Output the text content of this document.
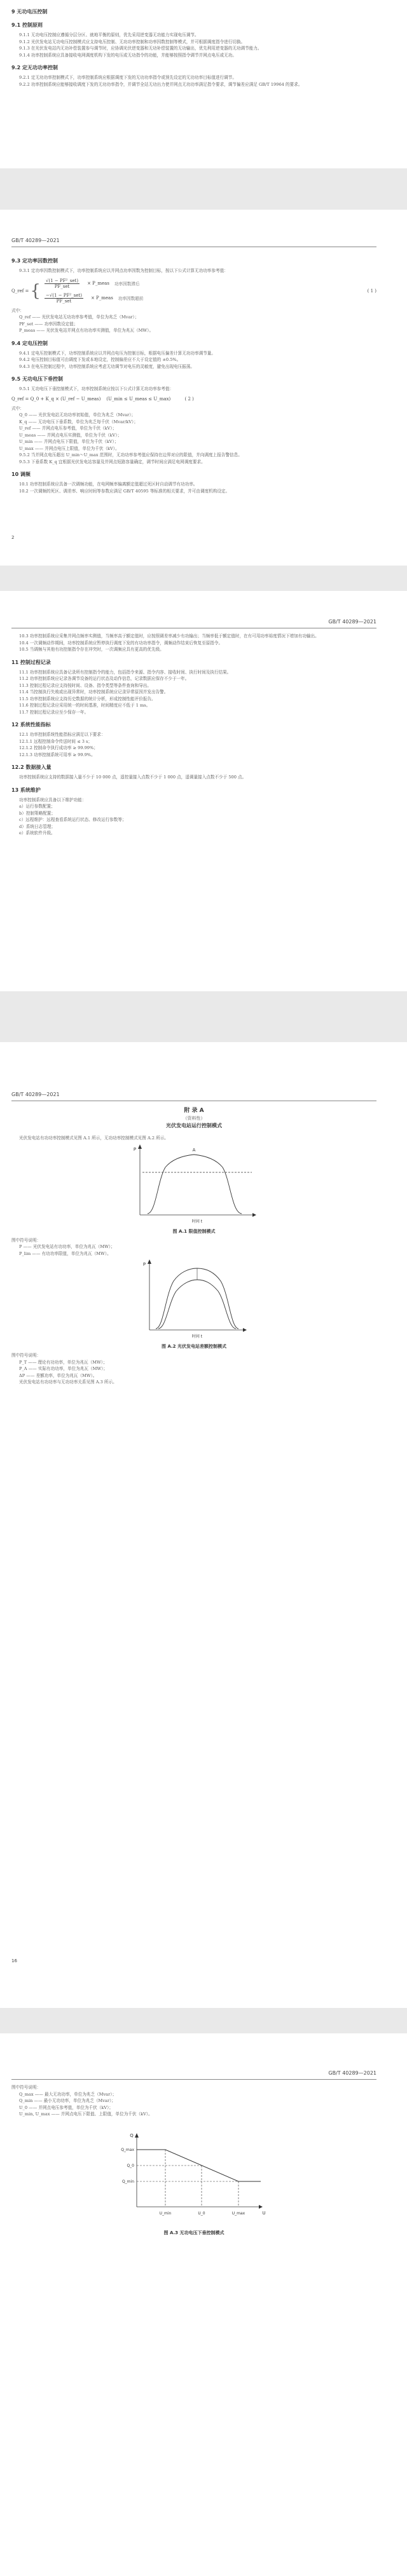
9 无功电压控制
9.1 控制原则

9.1.1 无功电压控制应遵循分层分区、就地平衡的原则，优先采用逆变器无功能力实现电压调节。

9.1.2 光伏发电站无功电压控制模式应支持电压控制、无功功率控制和功率因数控制等模式，并可根据调度指令进行切换。

9.1.3 在光伏发电站内无功补偿装置参与调节时，应协调光伏逆变器和无功补偿装置的无功输出，优先利用逆变器的无功调节能力。

9.1.4 功率控制系统应具备接收电网调度机构下发的电压或无功指令的功能，并能够按照指令调节并网点电压或无功。

9.2 定无功功率控制

9.2.1 定无功功率控制模式下，功率控制系统应根据调度下发的无功功率指令或预先设定的无功功率目标值进行调节。

9.2.2 功率控制系统应能够接收调度下发的无功功率指令，并调节全站无功出力使并网点无功功率满足指令要求，调节偏差应满足 GB/T 19964 的要求。

GB/T 40289—2021
9.3 定功率因数控制

9.3.1 定功率因数控制模式下，功率控制系统应以并网点功率因数为控制目标，按以下公式计算无功功率参考值：

Q_ref = { $\frac{\text{√(1 − PF²\_set)}}{\text{PF\_set}}$ × P_meas 功率因数滞后
$\frac{\text{−√(1 − PF²\_set)}}{\text{PF\_set}}$ × P_meas 功率因数超前
( 1 )

式中：

Q_ref —— 光伏发电站无功功率参考值，单位为兆乏（Mvar）；

PF_set —— 功率因数设定值；

P_meas —— 光伏发电站并网点有功功率实测值，单位为兆瓦（MW）。

9.4 定电压控制

9.4.1 定电压控制模式下，功率控制系统应以并网点电压为控制目标，根据电压偏差计算无功功率调节量。

9.4.2 电压控制目标值可由调度下发或本地设定，控制偏差应不大于设定值的 ±0.5%。

9.4.3 在电压控制过程中，功率控制系统应考虑无功调节对电压的灵敏度，避免出现电压振荡。

9.5 无功电压下垂控制

9.5.1 无功电压下垂控制模式下，功率控制系统应按以下公式计算无功功率参考值：

Q_ref = Q_0 + K_q × (U_ref − U_meas)    (U_min ≤ U_meas ≤ U_max)          ( 2 )

式中：

Q_0 —— 光伏发电站无功功率初始值，单位为兆乏（Mvar）；

K_q —— 无功电压下垂系数，单位为兆乏每千伏（Mvar/kV）；

U_ref —— 并网点电压参考值，单位为千伏（kV）；

U_meas —— 并网点电压实测值，单位为千伏（kV）；

U_min —— 并网点电压下限值，单位为千伏（kV）；

U_max —— 并网点电压上限值，单位为千伏（kV）。

9.5.2 当并网点电压超出 U_min～U_max 范围时，无功功率参考值应保持在边界对应的限值，并向调度上报告警信息。

9.5.3 下垂系数 K_q 宜根据光伏发电站容量及并网点短路容量确定，调节时间应满足电网调度要求。

10 调频

10.1 功率控制系统应具备一次调频功能，在电网频率偏离额定值超过死区时自动调节有功功率。

10.2 一次调频的死区、调差率、响应时间等参数应满足 GB/T 40595 等标准的相关要求，并可由调度机构设定。

2
GB/T 40289—2021

10.3 功率控制系统应采集并网点频率实测值，当频率高于额定值时，应按照调差率减少有功输出；当频率低于额定值时，在有可用功率裕度情况下增加有功输出。

10.4 一次调频动作期间，功率控制系统应暂停执行调度下发的有功功率指令，调频动作结束后恢复至原指令。

10.5 当调频与其他有功控制指令存在冲突时，一次调频应具有更高的优先级。

11 控制过程记录

11.1 功率控制系统应具备记录所有控制指令的能力，包括指令来源、指令内容、接收时间、执行时间及执行结果。

11.2 功率控制系统应记录各调节设备的运行状态及动作信息，记录数据应保存不少于一年。

11.3 控制过程记录应支持按时间、设备、指令类型等条件查询和导出。

11.4 当控制执行失败或出现异常时，功率控制系统应记录异常原因并发出告警。

11.5 功率控制系统应支持历史数据的统计分析，形成控制性能评价报告。

11.6 控制过程记录应采用统一的时间基准，时间精度应不低于 1 ms。

11.7 控制过程记录应至少保存一年。

12 系统性能指标

12.1 功率控制系统性能指标应满足以下要求：

12.1.1 远程控制命令传送时间 ≤ 3 s；

12.1.2 控制命令执行成功率 ≥ 99.99%；

12.1.3 功率控制系统可用率 ≥ 99.9%。

12.2 数据接入量

功率控制系统应支持的数据接入量不少于 10 000 点，遥控量接入点数不少于 1 000 点，遥调量接入点数不少于 500 点。

13 系统维护

功率控制系统应具备以下维护功能：

a）运行参数配置；

b）控制策略配置；

c）远程维护：远程查看系统运行状态、修改运行参数等；

d）系统日志管理；

e）系统软件升级。

GB/T 40289—2021
附 录 A
（资料性）
光伏发电站运行控制模式

光伏发电站有功功率控制模式见图 A.1 所示，无功功率控制模式见图 A.2 所示。

A
时间 t
P
图 A.1 限值控制模式

图中符号说明：

P —— 光伏发电站有功功率，单位为兆瓦（MW）；

P_lim —— 有功功率限值，单位为兆瓦（MW）。

时间 t
P
图 A.2 光伏发电站差额控制模式

图中符号说明：

P_T —— 理论有功功率，单位为兆瓦（MW）；

P_A —— 实际有功功率，单位为兆瓦（MW）；

ΔP —— 差额功率，单位为兆瓦（MW）。

光伏发电站有功功率与无功功率关系见图 A.3 所示。

16
GB/T 40289—2021

图中符号说明：

Q_max —— 最大无功功率，单位为兆乏（Mvar）；

Q_min —— 最小无功功率，单位为兆乏（Mvar）；

U_0 —— 并网点电压参考值，单位为千伏（kV）；

U_min, U_max —— 并网点电压下限值、上限值，单位为千伏（kV）。

U_min	U_0	U_max
Q_max
Q_0
Q_min
U
Q
图 A.3 无功电压下垂控制模式
